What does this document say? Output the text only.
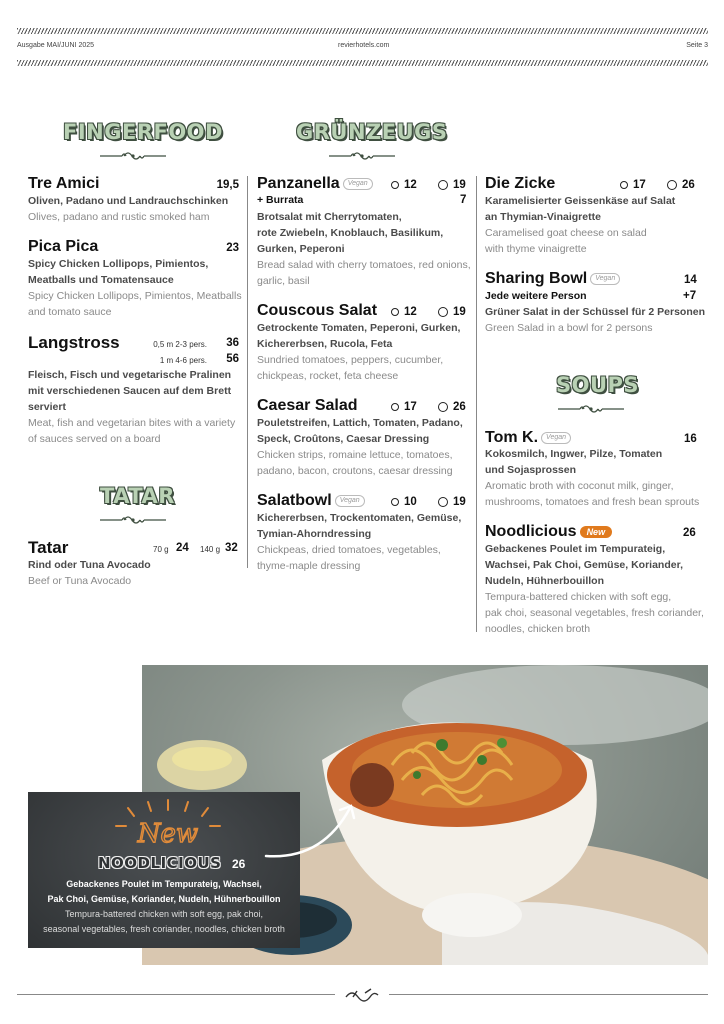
Ausgabe MAI/JUNI 2025	revierhotels.com	Seite 3
FINGERFOOD	GRÜNZEUGS
TATAR
SOUPS
Tre Amici	19,5
Oliven, Padano und Landrauchschinken
Olives, padano and rustic smoked ham
Pica Pica	23
Spicy Chicken Lollipops, Pimientos,
Meatballs und Tomatensauce
Spicy Chicken Lollipops, Pimientos, Meatballs
and tomato sauce
Langstross	0,5 m 2-3 pers. 36
1 m 4-6 pers. 56
Fleisch, Fisch und vegetarische Pralinen
mit verschiedenen Saucen auf dem Brett
serviert
Meat, fish and vegetarian bites with a variety
of sauces served on a board
Tatar	70 g 24 140 g 32
Rind oder Tuna Avocado
Beef or Tuna Avocado
Panzanella Vegan	12	19
+ Burrata	7
Brotsalat mit Cherrytomaten,
rote Zwiebeln, Knoblauch, Basilikum,
Gurken, Peperoni
Bread salad with cherry tomatoes, red onions,
garlic, basil
Couscous Salat	12	19
Getrockente Tomaten, Peperoni, Gurken,
Kichererbsen, Rucola, Feta
Sundried tomatoes, peppers, cucumber,
chickpeas, rocket, feta cheese
Caesar Salad	17	26
Pouletstreifen, Lattich, Tomaten, Padano,
Speck, Croûtons, Caesar Dressing
Chicken strips, romaine lettuce, tomatoes,
padano, bacon, croutons, caesar dressing
Salatbowl Vegan	10	19
Kichererbsen, Trockentomaten, Gemüse,
Tymian-Ahorndressing
Chickpeas, dried tomatoes, vegetables,
thyme-maple dressing
Die Zicke	17	26
Karamelisierter Geissenkäse auf Salat
an Thymian-Vinaigrette
Caramelised goat cheese on salad
with thyme vinaigrette
Sharing Bowl Vegan	14
Jede weitere Person	+7
Grüner Salat in der Schüssel für 2 Personen
Green Salad in a bowl for 2 persons
Tom K. Vegan	16
Kokosmilch, Ingwer, Pilze, Tomaten
und Sojasprossen
Aromatic broth with coconut milk, ginger,
mushrooms, tomatoes and fresh bean sprouts
Noodlicious New	26
Gebackenes Poulet im Tempurateig,
Wachsei, Pak Choi, Gemüse, Koriander,
Nudeln, Hühnerbouillon
Tempura-battered chicken with soft egg,
pak choi, seasonal vegetables, fresh coriander,
noodles, chicken broth
New
NOODLICIOUS 26
Gebackenes Poulet im Tempurateig, Wachsei,
Pak Choi, Gemüse, Koriander, Nudeln, Hühnerbouillon
Tempura-battered chicken with soft egg, pak choi,
seasonal vegetables, fresh coriander, noodles, chicken broth
